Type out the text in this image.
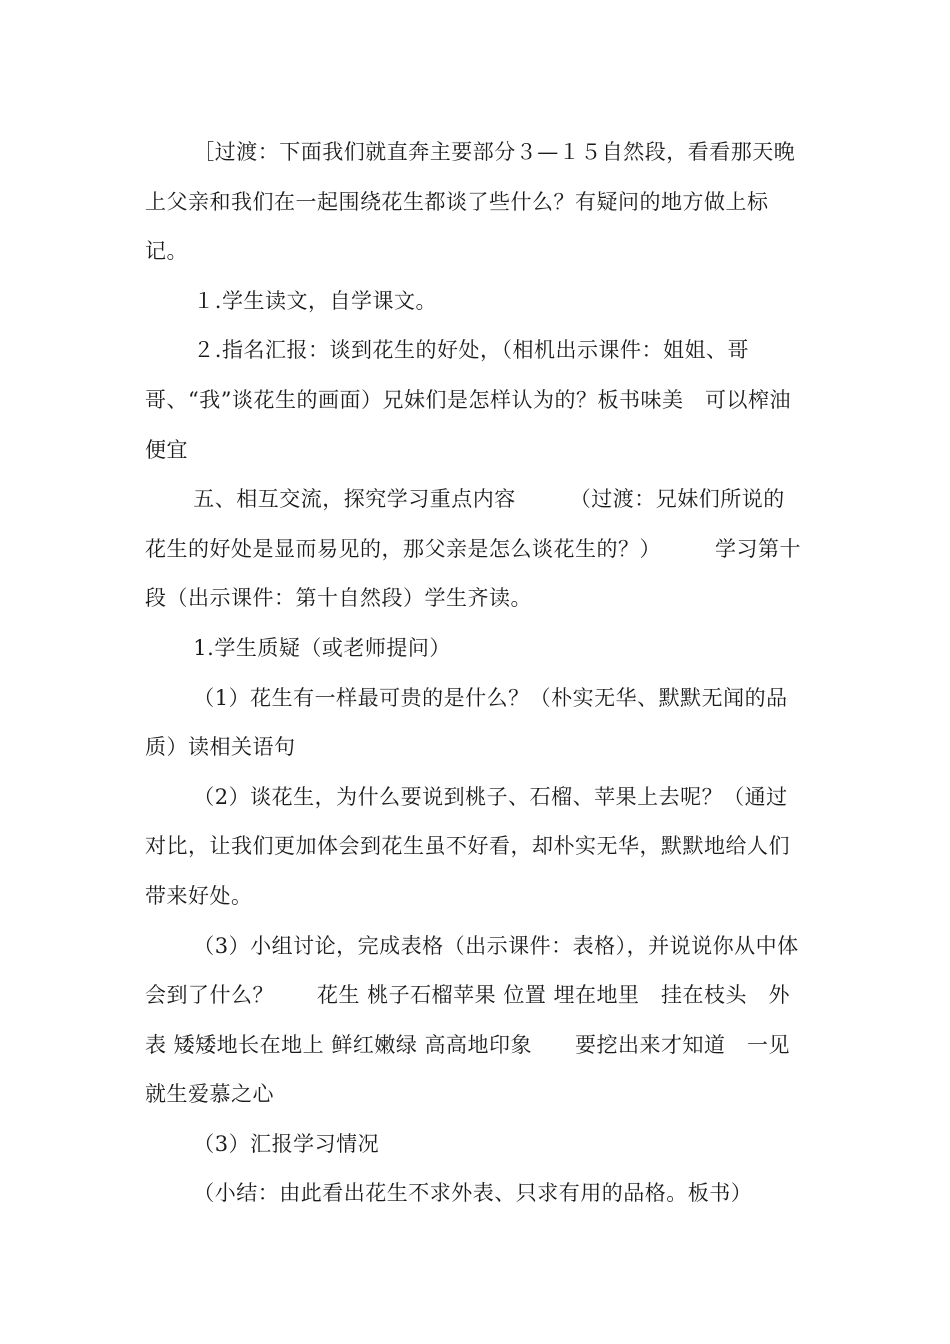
［过渡：下面我们就直奔主要部分３—１５自然段，看看那天晚上父亲和我们在一起围绕花生都谈了些什么？有疑问的地方做上标记。

１.学生读文，自学课文。

２.指名汇报：谈到花生的好处，（相机出示课件：姐姐、哥哥、“我”谈花生的画面）兄妹们是怎样认为的？板书味美　可以榨油　便宜

五、相互交流，探究学习重点内容　　　（过渡：兄妹们所说的花生的好处是显而易见的，那父亲是怎么谈花生的？）　　　学习第十段（出示课件：第十自然段）学生齐读。

1.学生质疑（或老师提问）

（1）花生有一样最可贵的是什么？（朴实无华、默默无闻的品质）读相关语句

（2）谈花生，为什么要说到桃子、石榴、苹果上去呢？（通过对比，让我们更加体会到花生虽不好看，却朴实无华，默默地给人们带来好处。

（3）小组讨论，完成表格（出示课件：表格），并说说你从中体会到了什么？　　花生 桃子石榴苹果 位置 埋在地里　挂在枝头　外表 矮矮地长在地上 鲜红嫩绿 高高地印象　　要挖出来才知道　一见就生爱慕之心

（3）汇报学习情况

（小结：由此看出花生不求外表、只求有用的品格。板书）
